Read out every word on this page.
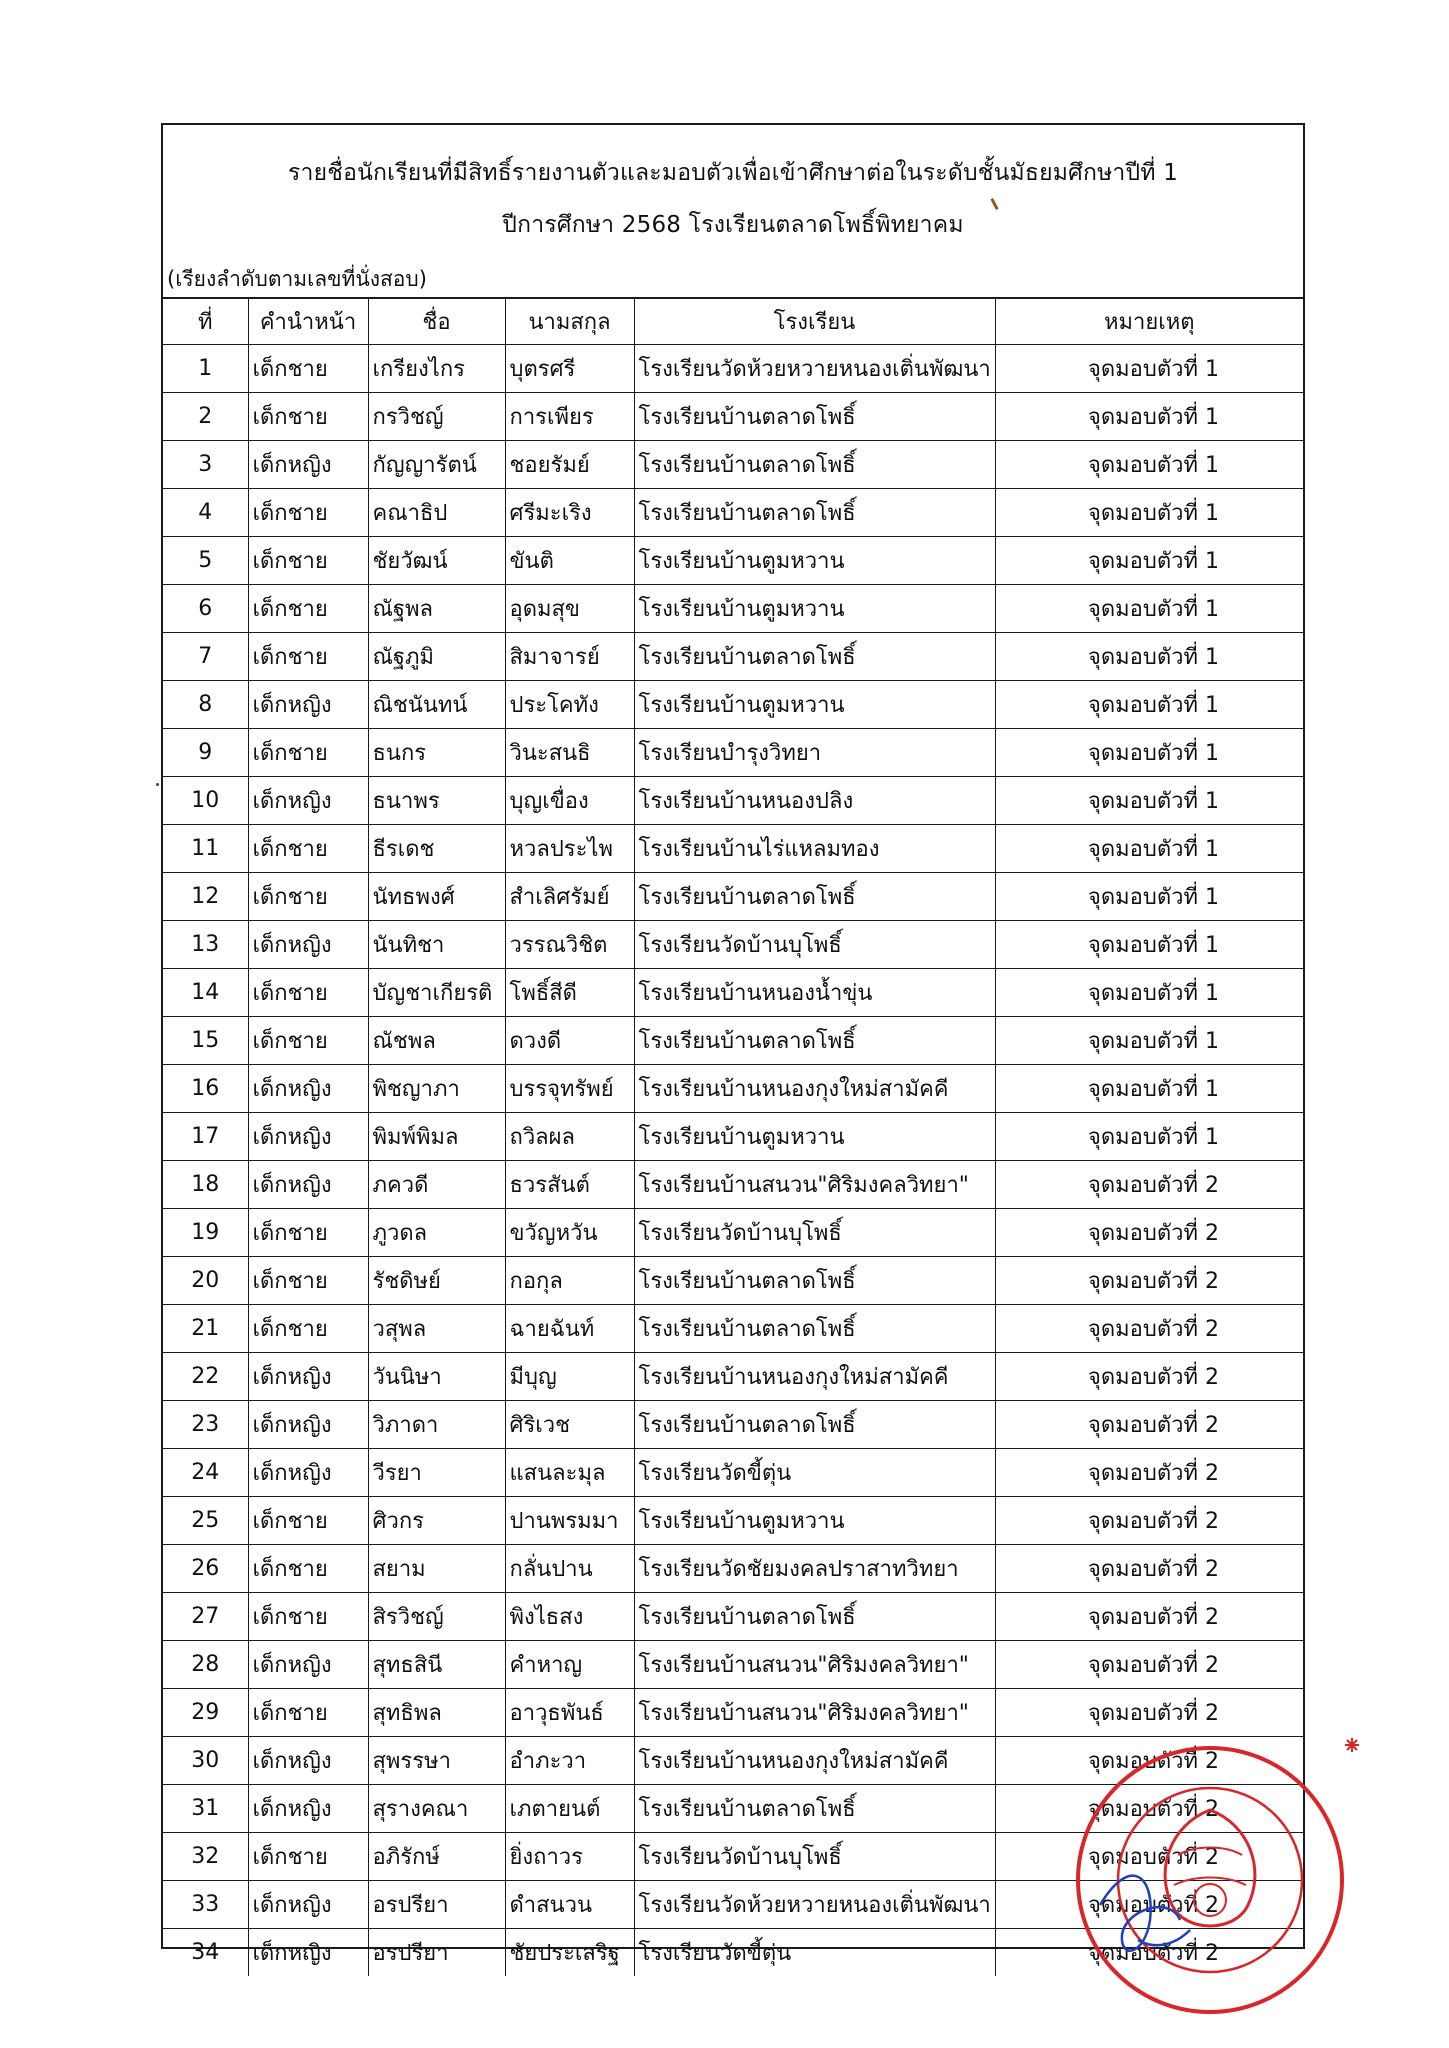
รายชื่อนักเรียนที่มีสิทธิ์รายงานตัวและมอบตัวเพื่อเข้าศึกษาต่อในระดับชั้นมัธยมศึกษาปีที่ 1
ปีการศึกษา 2568 โรงเรียนตลาดโพธิ์พิทยาคม
(เรียงลำดับตามเลขที่นั่งสอบ)
ที่	คำนำหน้า	ชื่อ	นามสกุล	โรงเรียน	หมายเหตุ
1	เด็กชาย	เกรียงไกร	บุตรศรี	โรงเรียนวัดห้วยหวายหนองเติ่นพัฒนา	จุดมอบตัวที่ 1
2	เด็กชาย	กรวิชญ์	การเพียร	โรงเรียนบ้านตลาดโพธิ์	จุดมอบตัวที่ 1
3	เด็กหญิง	กัญญารัตน์	ชอยรัมย์	โรงเรียนบ้านตลาดโพธิ์	จุดมอบตัวที่ 1
4	เด็กชาย	คณาธิป	ศรีมะเริง	โรงเรียนบ้านตลาดโพธิ์	จุดมอบตัวที่ 1
5	เด็กชาย	ชัยวัฒน์	ขันติ	โรงเรียนบ้านตูมหวาน	จุดมอบตัวที่ 1
6	เด็กชาย	ณัฐพล	อุดมสุข	โรงเรียนบ้านตูมหวาน	จุดมอบตัวที่ 1
7	เด็กชาย	ณัฐภูมิ	สิมาจารย์	โรงเรียนบ้านตลาดโพธิ์	จุดมอบตัวที่ 1
8	เด็กหญิง	ณิชนันทน์	ประโคทัง	โรงเรียนบ้านตูมหวาน	จุดมอบตัวที่ 1
9	เด็กชาย	ธนกร	วินะสนธิ	โรงเรียนบำรุงวิทยา	จุดมอบตัวที่ 1
10	เด็กหญิง	ธนาพร	บุญเขื่อง	โรงเรียนบ้านหนองปลิง	จุดมอบตัวที่ 1
11	เด็กชาย	ธีรเดช	หวลประไพ	โรงเรียนบ้านไร่แหลมทอง	จุดมอบตัวที่ 1
12	เด็กชาย	นัทธพงศ์	สำเลิศรัมย์	โรงเรียนบ้านตลาดโพธิ์	จุดมอบตัวที่ 1
13	เด็กหญิง	นันทิชา	วรรณวิชิต	โรงเรียนวัดบ้านบุโพธิ์	จุดมอบตัวที่ 1
14	เด็กชาย	บัญชาเกียรติ	โพธิ์สีดี	โรงเรียนบ้านหนองน้ำขุ่น	จุดมอบตัวที่ 1
15	เด็กชาย	ณัชพล	ดวงดี	โรงเรียนบ้านตลาดโพธิ์	จุดมอบตัวที่ 1
16	เด็กหญิง	พิชญาภา	บรรจุทรัพย์	โรงเรียนบ้านหนองกุงใหม่สามัคคี	จุดมอบตัวที่ 1
17	เด็กหญิง	พิมพ์พิมล	ถวิลผล	โรงเรียนบ้านตูมหวาน	จุดมอบตัวที่ 1
18	เด็กหญิง	ภควดี	ธวรสันต์	โรงเรียนบ้านสนวน"ศิริมงคลวิทยา"	จุดมอบตัวที่ 2
19	เด็กชาย	ภูวดล	ขวัญหวัน	โรงเรียนวัดบ้านบุโพธิ์	จุดมอบตัวที่ 2
20	เด็กชาย	รัชดิษย์	กอกุล	โรงเรียนบ้านตลาดโพธิ์	จุดมอบตัวที่ 2
21	เด็กชาย	วสุพล	ฉายฉันท์	โรงเรียนบ้านตลาดโพธิ์	จุดมอบตัวที่ 2
22	เด็กหญิง	วันนิษา	มีบุญ	โรงเรียนบ้านหนองกุงใหม่สามัคคี	จุดมอบตัวที่ 2
23	เด็กหญิง	วิภาดา	ศิริเวช	โรงเรียนบ้านตลาดโพธิ์	จุดมอบตัวที่ 2
24	เด็กหญิง	วีรยา	แสนละมุล	โรงเรียนวัดขี้ตุ่น	จุดมอบตัวที่ 2
25	เด็กชาย	ศิวกร	ปานพรมมา	โรงเรียนบ้านตูมหวาน	จุดมอบตัวที่ 2
26	เด็กชาย	สยาม	กลั่นปาน	โรงเรียนวัดชัยมงคลปราสาทวิทยา	จุดมอบตัวที่ 2
27	เด็กชาย	สิรวิชญ์	พิงไธสง	โรงเรียนบ้านตลาดโพธิ์	จุดมอบตัวที่ 2
28	เด็กหญิง	สุทธสินี	คำหาญ	โรงเรียนบ้านสนวน"ศิริมงคลวิทยา"	จุดมอบตัวที่ 2
29	เด็กชาย	สุทธิพล	อาวุธพันธ์	โรงเรียนบ้านสนวน"ศิริมงคลวิทยา"	จุดมอบตัวที่ 2
30	เด็กหญิง	สุพรรษา	อำภะวา	โรงเรียนบ้านหนองกุงใหม่สามัคคี	จุดมอบตัวที่ 2
31	เด็กหญิง	สุรางคณา	เภตายนต์	โรงเรียนบ้านตลาดโพธิ์	จุดมอบตัวที่ 2
32	เด็กชาย	อภิรักษ์	ยิ่งถาวร	โรงเรียนวัดบ้านบุโพธิ์	จุดมอบตัวที่ 2
33	เด็กหญิง	อรปรียา	ดำสนวน	โรงเรียนวัดห้วยหวายหนองเติ่นพัฒนา	จุดมอบตัวที่ 2
34	เด็กหญิง	อรปรียา	ชัยประเสริฐ	โรงเรียนวัดขี้ตุ่น	จุดมอบตัวที่ 2
